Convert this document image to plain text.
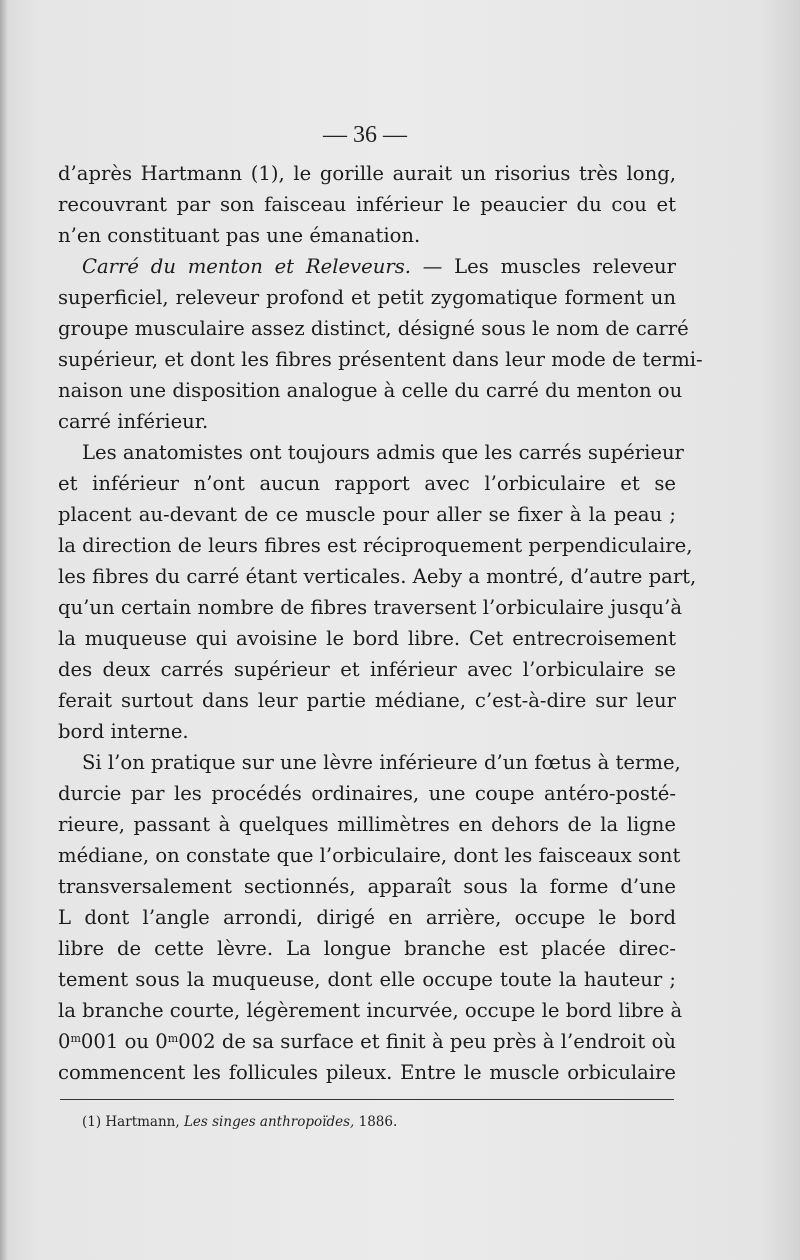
— 36 —
d’après Hartmann (1), le gorille aurait un risorius très long,
recouvrant par son faisceau inférieur le peaucier du cou et
n’en constituant pas une émanation.
Carré du menton et Releveurs. — Les muscles releveur
superficiel, releveur profond et petit zygomatique forment un
groupe musculaire assez distinct, désigné sous le nom de carré
supérieur, et dont les fibres présentent dans leur mode de termi-
naison une disposition analogue à celle du carré du menton ou
carré inférieur.
Les anatomistes ont toujours admis que les carrés supérieur
et inférieur n’ont aucun rapport avec l’orbiculaire et se
placent au-devant de ce muscle pour aller se fixer à la peau ;
la direction de leurs fibres est réciproquement perpendiculaire,
les fibres du carré étant verticales. Aeby a montré, d’autre part,
qu’un certain nombre de fibres traversent l’orbiculaire jusqu’à
la muqueuse qui avoisine le bord libre. Cet entrecroisement
des deux carrés supérieur et inférieur avec l’orbiculaire se
ferait surtout dans leur partie médiane, c’est-à-dire sur leur
bord interne.
Si l’on pratique sur une lèvre inférieure d’un fœtus à terme,
durcie par les procédés ordinaires, une coupe antéro-posté-
rieure, passant à quelques millimètres en dehors de la ligne
médiane, on constate que l’orbiculaire, dont les faisceaux sont
transversalement sectionnés, apparaît sous la forme d’une
L dont l’angle arrondi, dirigé en arrière, occupe le bord
libre de cette lèvre. La longue branche est placée direc-
tement sous la muqueuse, dont elle occupe toute la hauteur ;
la branche courte, légèrement incurvée, occupe le bord libre à
0$^m$001 ou 0$^m$002 de sa surface et finit à peu près à l’endroit où
commencent les follicules pileux. Entre le muscle orbiculaire
(1) Hartmann, Les singes anthropoïdes, 1886.
